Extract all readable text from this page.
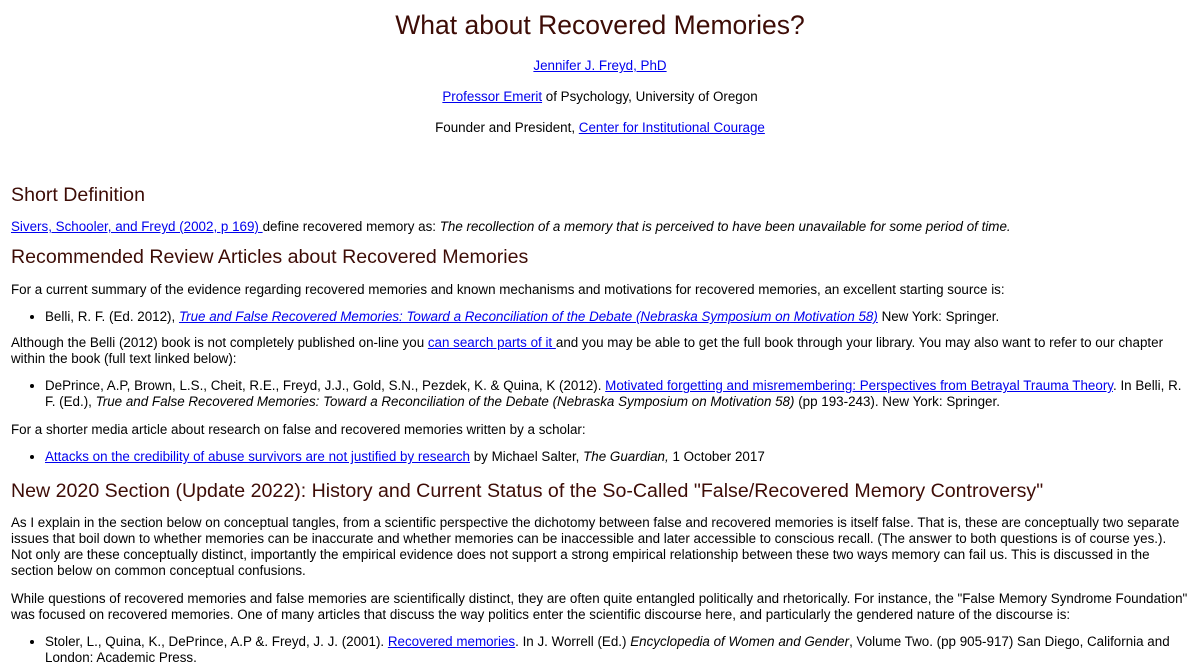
What about Recovered Memories?

Jennifer J. Freyd, PhD

Professor Emerit of Psychology, University of Oregon

Founder and President, Center for Institutional Courage

Short Definition

Sivers, Schooler, and Freyd (2002, p 169) define recovered memory as: The recollection of a memory that is perceived to have been unavailable for some period of time.

Recommended Review Articles about Recovered Memories

For a current summary of the evidence regarding recovered memories and known mechanisms and motivations for recovered memories, an excellent starting source is:

• Belli, R. F. (Ed. 2012), True and False Recovered Memories: Toward a Reconciliation of the Debate (Nebraska Symposium on Motivation 58) New York: Springer.

Although the Belli (2012) book is not completely published on-line you can search parts of it and you may be able to get the full book through your library. You may also want to refer to our chapter within the book (full text linked below):

• DePrince, A.P, Brown, L.S., Cheit, R.E., Freyd, J.J., Gold, S.N., Pezdek, K. & Quina, K (2012). Motivated forgetting and misremembering: Perspectives from Betrayal Trauma Theory. In Belli, R. F. (Ed.), True and False Recovered Memories: Toward a Reconciliation of the Debate (Nebraska Symposium on Motivation 58) (pp 193-243). New York: Springer.

For a shorter media article about research on false and recovered memories written by a scholar:

• Attacks on the credibility of abuse survivors are not justified by research by Michael Salter, The Guardian, 1 October 2017
New 2020 Section (Update 2022): History and Current Status of the So-Called "False/Recovered Memory Controversy"

As I explain in the section below on conceptual tangles, from a scientific perspective the dichotomy between false and recovered memories is itself false. That is, these are conceptually two separate issues that boil down to whether memories can be inaccurate and whether memories can be inaccessible and later accessible to conscious recall. (The answer to both questions is of course yes.). Not only are these conceptually distinct, importantly the empirical evidence does not support a strong empirical relationship between these two ways memory can fail us. This is discussed in the section below on common conceptual confusions.

While questions of recovered memories and false memories are scientifically distinct, they are often quite entangled politically and rhetorically. For instance, the "False Memory Syndrome Foundation" was focused on recovered memories. One of many articles that discuss the way politics enter the scientific discourse here, and particularly the gendered nature of the discourse is:

• Stoler, L., Quina, K., DePrince, A.P &. Freyd, J. J. (2001). Recovered memories. In J. Worrell (Ed.) Encyclopedia of Women and Gender, Volume Two. (pp 905-917) San Diego, California and London: Academic Press.
